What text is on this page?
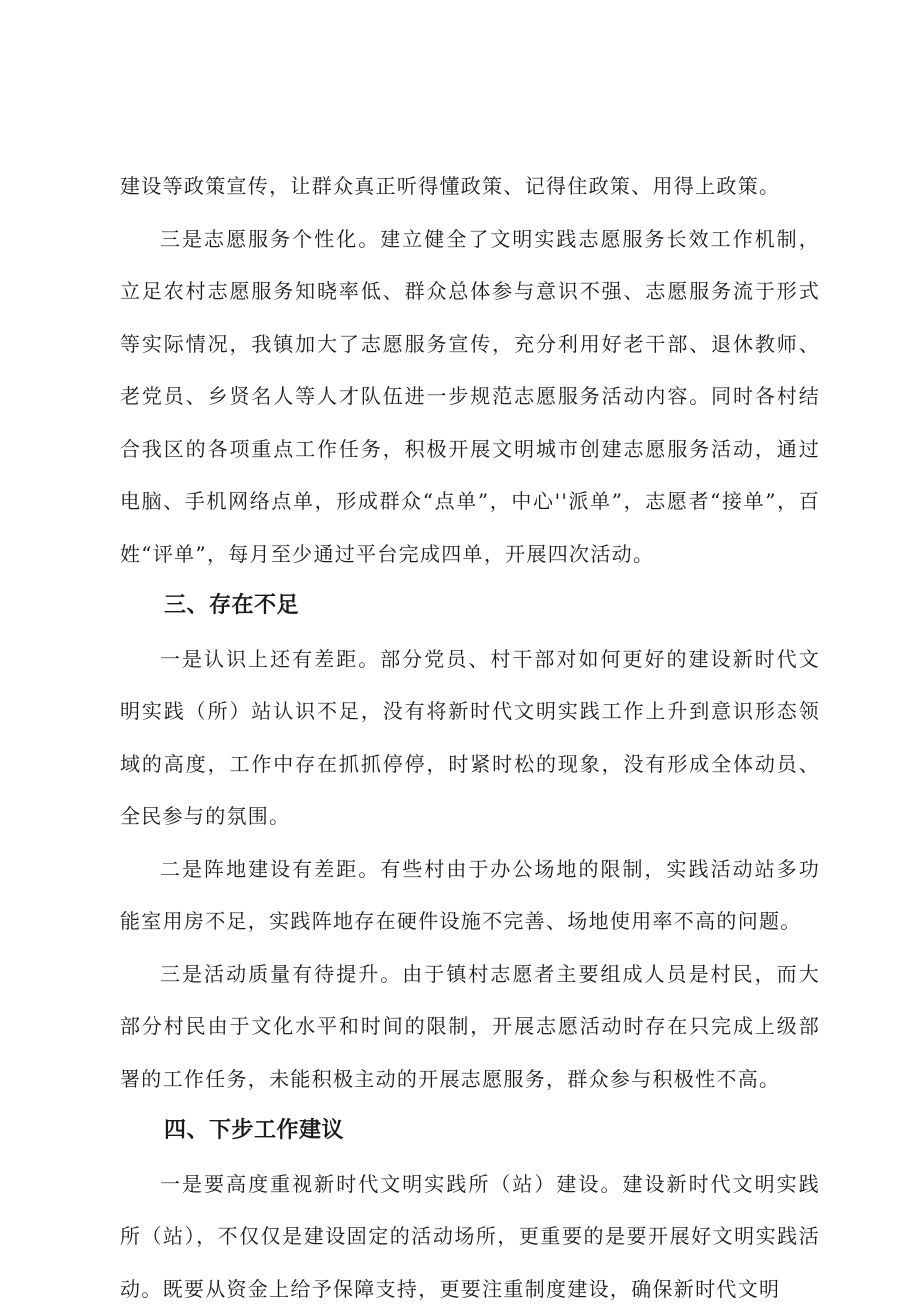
建设等政策宣传，让群众真正听得懂政策、记得住政策、用得上政策。

三是志愿服务个性化。建立健全了文明实践志愿服务长效工作机制，立足农村志愿服务知晓率低、群众总体参与意识不强、志愿服务流于形式等实际情况，我镇加大了志愿服务宣传，充分利用好老干部、退休教师、老党员、乡贤名人等人才队伍进一步规范志愿服务活动内容。同时各村结合我区的各项重点工作任务，积极开展文明城市创建志愿服务活动，通过电脑、手机网络点单，形成群众“点单”，中心''派单”，志愿者“接单”，百姓“评单”，每月至少通过平台完成四单，开展四次活动。

三、存在不足

一是认识上还有差距。部分党员、村干部对如何更好的建设新时代文明实践（所）站认识不足，没有将新时代文明实践工作上升到意识形态领域的高度，工作中存在抓抓停停，时紧时松的现象，没有形成全体动员、全民参与的氛围。

二是阵地建设有差距。有些村由于办公场地的限制，实践活动站多功能室用房不足，实践阵地存在硬件设施不完善、场地使用率不高的问题。

三是活动质量有待提升。由于镇村志愿者主要组成人员是村民，而大部分村民由于文化水平和时间的限制，开展志愿活动时存在只完成上级部署的工作任务，未能积极主动的开展志愿服务，群众参与积极性不高。

四、下步工作建议

一是要高度重视新时代文明实践所（站）建设。建设新时代文明实践所（站），不仅仅是建设固定的活动场所，更重要的是要开展好文明实践活动。既要从资金上给予保障支持，更要注重制度建设，确保新时代文明
